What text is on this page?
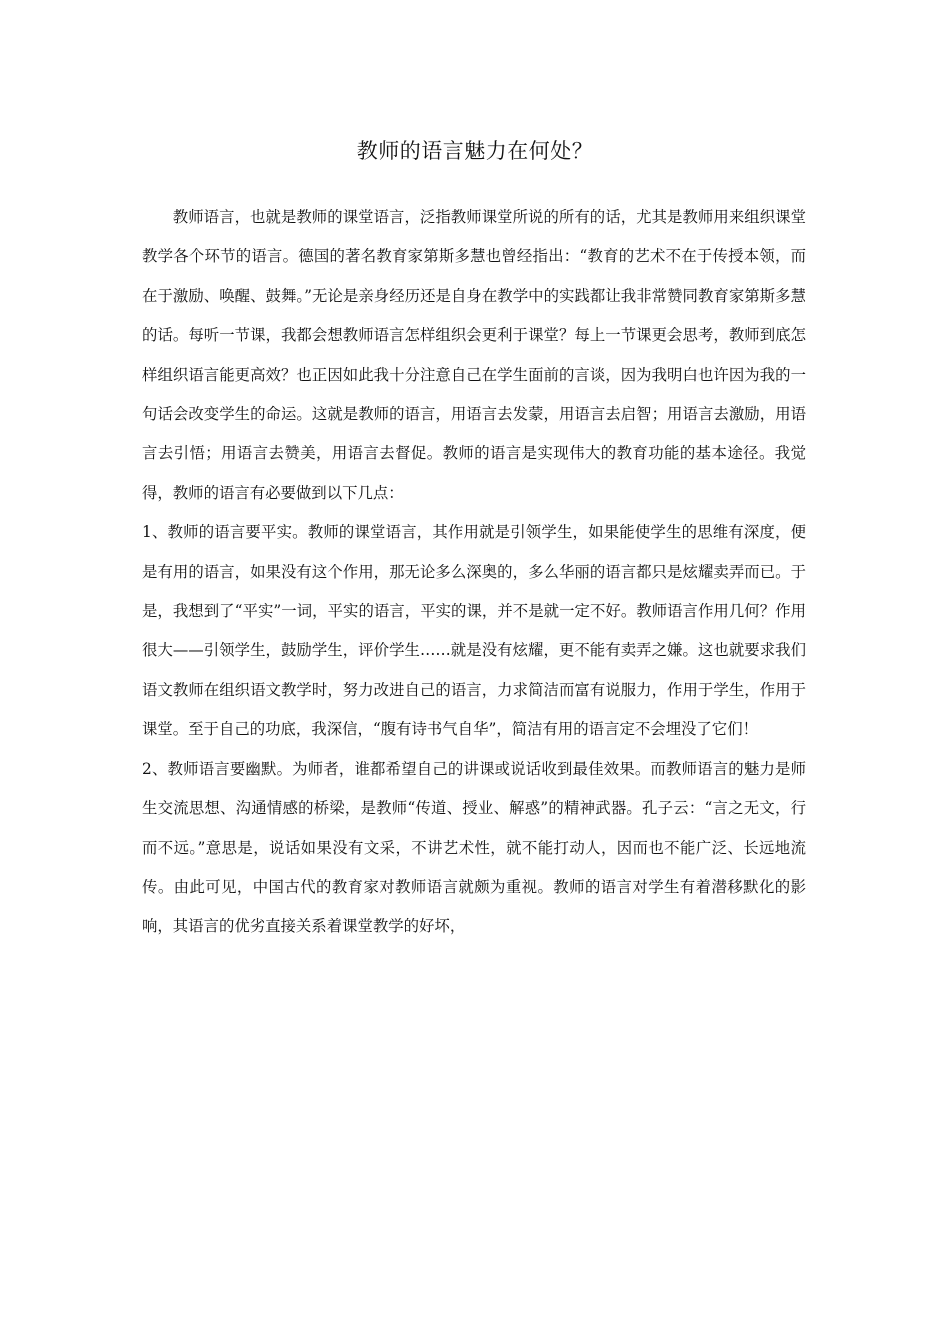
教师的语言魅力在何处？

教师语言，也就是教师的课堂语言，泛指教师课堂所说的所有的话，尤其是教师用来组织课堂教学各个环节的语言。德国的著名教育家第斯多慧也曾经指出：“教育的艺术不在于传授本领，而在于激励、唤醒、鼓舞。”无论是亲身经历还是自身在教学中的实践都让我非常赞同教育家第斯多慧的话。每听一节课，我都会想教师语言怎样组织会更利于课堂？每上一节课更会思考，教师到底怎样组织语言能更高效？也正因如此我十分注意自己在学生面前的言谈，因为我明白也许因为我的一句话会改变学生的命运。这就是教师的语言，用语言去发蒙，用语言去启智；用语言去激励，用语言去引悟；用语言去赞美，用语言去督促。教师的语言是实现伟大的教育功能的基本途径。我觉得，教师的语言有必要做到以下几点：

1、教师的语言要平实。教师的课堂语言，其作用就是引领学生，如果能使学生的思维有深度，便是有用的语言，如果没有这个作用，那无论多么深奥的，多么华丽的语言都只是炫耀卖弄而已。于是，我想到了“平实”一词，平实的语言，平实的课，并不是就一定不好。教师语言作用几何？作用很大——引领学生，鼓励学生，评价学生……就是没有炫耀，更不能有卖弄之嫌。这也就要求我们语文教师在组织语文教学时，努力改进自己的语言，力求简洁而富有说服力，作用于学生，作用于课堂。至于自己的功底，我深信，“腹有诗书气自华”，简洁有用的语言定不会埋没了它们！

2、教师语言要幽默。为师者，谁都希望自己的讲课或说话收到最佳效果。而教师语言的魅力是师生交流思想、沟通情感的桥梁，是教师“传道、授业、解惑”的精神武器。孔子云：“言之无文，行而不远。”意思是，说话如果没有文采，不讲艺术性，就不能打动人，因而也不能广泛、长远地流传。由此可见，中国古代的教育家对教师语言就颇为重视。教师的语言对学生有着潜移默化的影响，其语言的优劣直接关系着课堂教学的好坏，
